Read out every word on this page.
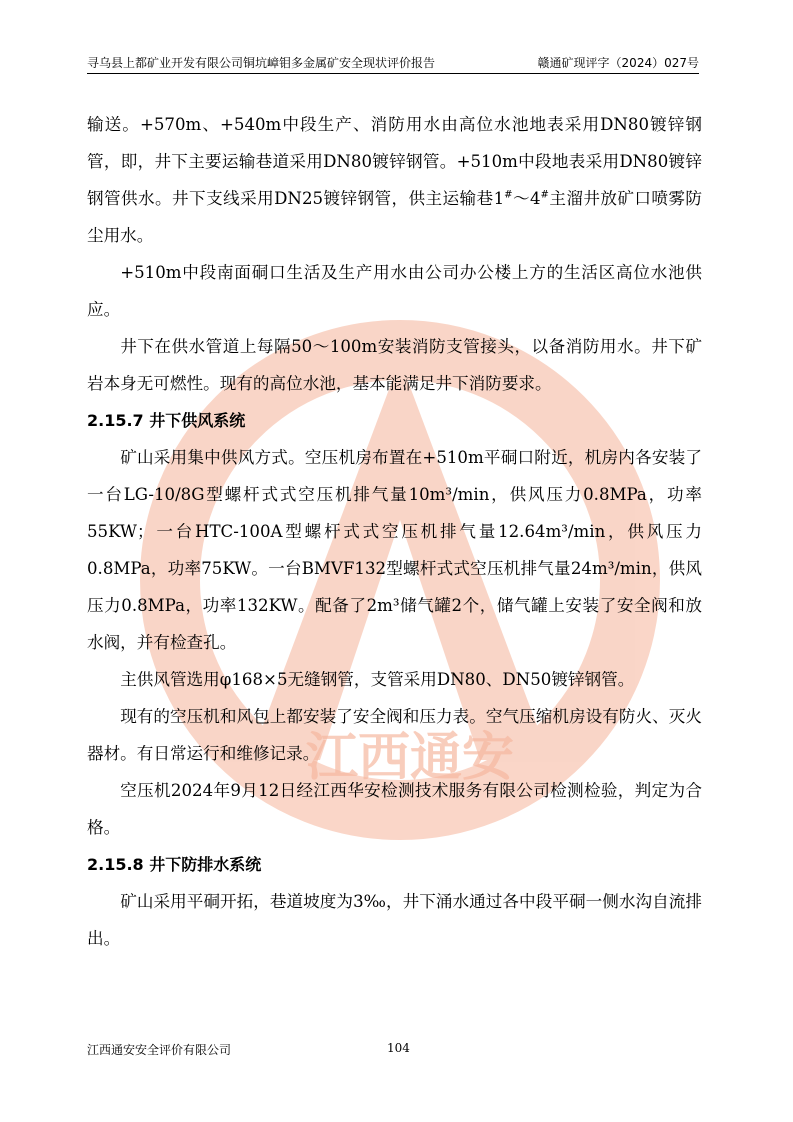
江西通安
寻乌县上都矿业开发有限公司铜坑嶂钼多金属矿安全现状评价报告	赣通矿现评字（2024）027号

输送。+570m、+540m中段生产、消防用水由高位水池地表采用DN80镀锌钢管，即，井下主要运输巷道采用DN80镀锌钢管。+510m中段地表采用DN80镀锌钢管供水。井下支线采用DN25镀锌钢管，供主运输巷1#～4#主溜井放矿口喷雾防尘用水。

+510m中段南面硐口生活及生产用水由公司办公楼上方的生活区高位水池供应。

井下在供水管道上每隔50～100m安装消防支管接头，以备消防用水。井下矿岩本身无可燃性。现有的高位水池，基本能满足井下消防要求。

2.15.7 井下供风系统

矿山采用集中供风方式。空压机房布置在+510m平硐口附近，机房内各安装了一台LG-10/8G型螺杆式式空压机排气量10m³/min，供风压力0.8MPa，功率55KW；一台HTC-100A型螺杆式式空压机排气量12.64m³/min，供风压力0.8MPa，功率75KW。一台BMVF132型螺杆式式空压机排气量24m³/min，供风压力0.8MPa，功率132KW。配备了2m³储气罐2个，储气罐上安装了安全阀和放水阀，并有检查孔。

主供风管选用φ168×5无缝钢管，支管采用DN80、DN50镀锌钢管。

现有的空压机和风包上都安装了安全阀和压力表。空气压缩机房设有防火、灭火器材。有日常运行和维修记录。

空压机2024年9月12日经江西华安检测技术服务有限公司检测检验，判定为合格。

2.15.8 井下防排水系统

矿山采用平硐开拓，巷道坡度为3‰，井下涌水通过各中段平硐一侧水沟自流排出。

江西通安安全评价有限公司	104
